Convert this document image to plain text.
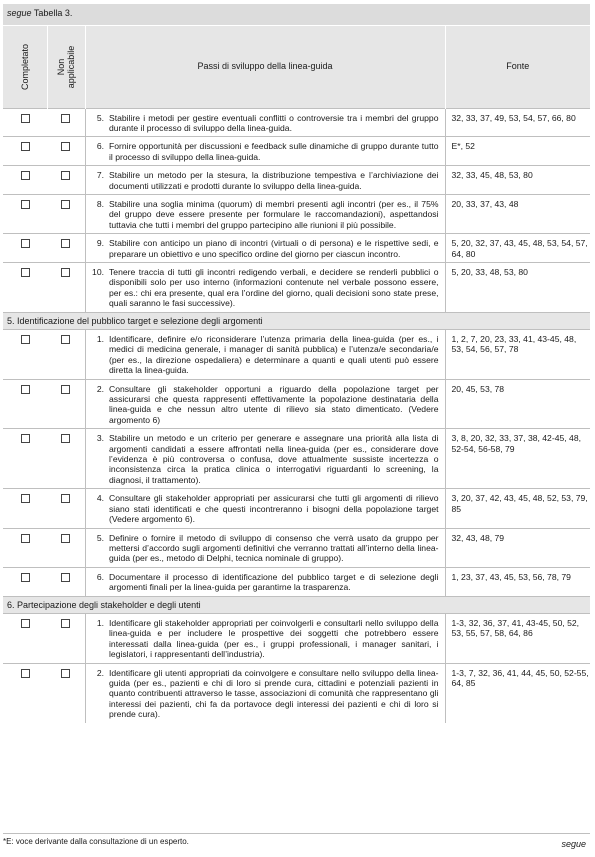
segue Tabella 3.				

Completato	Non applicabile	Passi di sviluppo della linea-guida		Fonte
		5.	Stabilire i metodi per gestire eventuali conflitti o controversie tra i membri del gruppo durante il processo di sviluppo della linea-guida.	32, 33, 37, 49, 53, 54, 57, 66, 80
		6.	Fornire opportunità per discussioni e feedback sulle dinamiche di gruppo durante tutto il processo di sviluppo della linea-guida.	E*, 52
		7.	Stabilire un metodo per la stesura, la distribuzione tempestiva e l’archiviazione dei documenti utilizzati e prodotti durante lo sviluppo della linea-guida.	32, 33, 45, 48, 53, 80
		8.	Stabilire una soglia minima (quorum) di membri presenti agli incontri (per es., il 75% del gruppo deve essere presente per formulare le raccomandazioni), aspettandosi tuttavia che tutti i membri del gruppo partecipino alle riunioni il più possibile.	20, 33, 37, 43, 48
		9.	Stabilire con anticipo un piano di incontri (virtuali o di persona) e le rispettive sedi, e preparare un obiettivo e uno specifico ordine del giorno per ciascun incontro.	5, 20, 32, 37, 43, 45, 48, 53, 54, 57, 64, 80
		10.	Tenere traccia di tutti gli incontri redigendo verbali, e decidere se renderli pubblici o disponibili solo per uso interno (informazioni contenute nel verbale possono essere, per es.: chi era presente, qual era l’ordine del giorno, quali decisioni sono state prese, quali saranno le fasi successive).	5, 20, 33, 48, 53, 80
5. Identificazione del pubblico target e selezione degli argomenti				
		1.	Identificare, definire e/o riconsiderare l’utenza primaria della linea-guida (per es., i medici di medicina generale, i manager di sanità pubblica) e l’utenza/e secondaria/e (per es., la direzione ospedaliera) e determinare a quanti e quali utenti può essere diretta la linea-guida.	1, 2, 7, 20, 23, 33, 41, 43-45, 48, 53, 54, 56, 57, 78
		2.	Consultare gli stakeholder opportuni a riguardo della popolazione target per assicurarsi che questa rappresenti effettivamente la popolazione destinataria della linea-guida e che nessun altro utente di rilievo sia stato dimenticato. (Vedere argomento 6)	20, 45, 53, 78
		3.	Stabilire un metodo e un criterio per generare e assegnare una priorità alla lista di argomenti candidati a essere affrontati nella linea-guida (per es., considerare dove l’evidenza è più controversa o confusa, dove attualmente sussiste incertezza o inconsistenza circa la pratica clinica o interrogativi riguardanti lo screening, la diagnosi, il trattamento).	3, 8, 20, 32, 33, 37, 38, 42-45, 48, 52-54, 56-58, 79
		4.	Consultare gli stakeholder appropriati per assicurarsi che tutti gli argomenti di rilievo siano stati identificati e che questi incontreranno i bisogni della popolazione target (Vedere argomento 6).	3, 20, 37, 42, 43, 45, 48, 52, 53, 79, 85
		5.	Definire o fornire il metodo di sviluppo di consenso che verrà usato da gruppo per mettersi d’accordo sugli argomenti definitivi che verranno trattati all’interno della linea-guida (per es., metodo di Delphi, tecnica nominale di gruppo).	32, 43, 48, 79
		6.	Documentare il processo di identificazione del pubblico target e di selezione degli argomenti finali per la linea-guida per garantirne la trasparenza.	1, 23, 37, 43, 45, 53, 56, 78, 79
6. Partecipazione degli stakeholder e degli utenti				
		1.	Identificare gli stakeholder appropriati per coinvolgerli e consultarli nello sviluppo della linea-guida e per includere le prospettive dei soggetti che potrebbero essere interessati dalla linea-guida (per es., i gruppi professionali, i manager sanitari, i legislatori, i rappresentanti dell’industria).	1-3, 32, 36, 37, 41, 43-45, 50, 52, 53, 55, 57, 58, 64, 86
		2.	Identificare gli utenti appropriati da coinvolgere e consultare nello sviluppo della linea-guida (per es., pazienti e chi di loro si prende cura, cittadini e potenziali pazienti in quanto contribuenti attraverso le tasse, associazioni di comunità che rappresentano gli interessi dei pazienti, chi fa da portavoce degli interessi dei pazienti e chi di loro si prende cura).	1-3, 7, 32, 36, 41, 44, 45, 50, 52-55, 64, 85
*E: voce derivante dalla consultazione di un esperto.	segue
